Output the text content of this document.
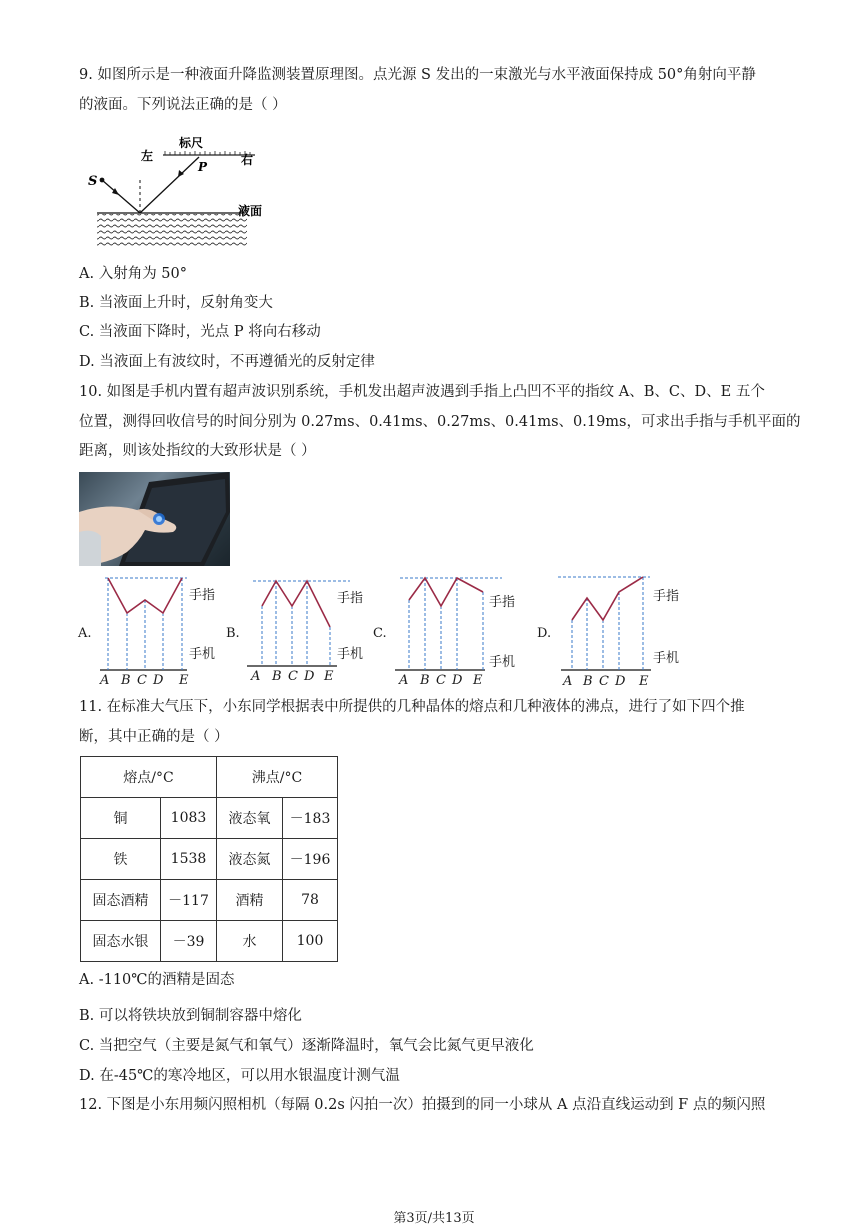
9. 如图所示是一种液面升降监测装置原理图。点光源 S 发出的一束激光与水平液面保持成 50°角射向平静
的液面。下列说法正确的是（ ）
标尺
左	右
S
P
液面
A. 入射角为 50°
B. 当液面上升时，反射角变大
C. 当液面下降时，光点 P 将向右移动
D. 当液面上有波纹时，不再遵循光的反射定律
10. 如图是手机内置有超声波识别系统，手机发出超声波遇到手指上凸凹不平的指纹 A、B、C、D、E 五个
位置，测得回收信号的时间分别为 0.27ms、0.41ms、0.27ms、0.41ms、0.19ms，可求出手指与手机平面的
距离，则该处指纹的大致形状是（ ）
A.
手指
手机
A B C D E
B.
手指
手机
A B C D E
C.
手指
手机
A B C D E
D.
手指
手机
A B C D E
11. 在标准大气压下，小东同学根据表中所提供的几种晶体的熔点和几种液体的沸点，进行了如下四个推
断，其中正确的是（ ）
熔点/°C		沸点/°C	
铜	1083	液态氧	－183
铁	1538	液态氮	－196
固态酒精	－117	酒精	78
固态水银	－39	水	100
A. -110℃的酒精是固态
B. 可以将铁块放到铜制容器中熔化
C. 当把空气（主要是氮气和氧气）逐渐降温时，氧气会比氮气更早液化
D. 在-45℃的寒冷地区，可以用水银温度计测气温
12. 下图是小东用频闪照相机（每隔 0.2s 闪拍一次）拍摄到的同一小球从 A 点沿直线运动到 F 点的频闪照
第3页/共13页
